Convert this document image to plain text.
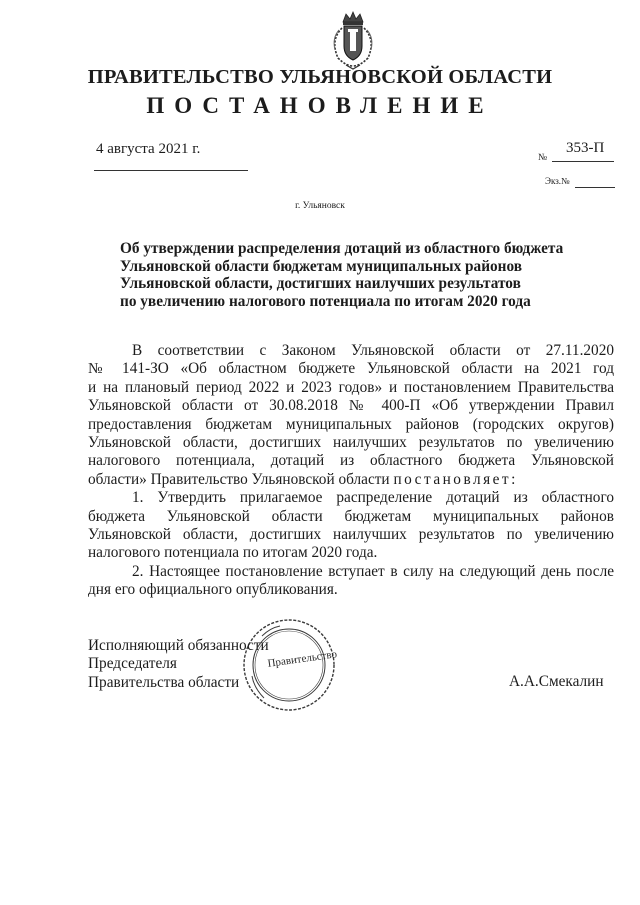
ПРАВИТЕЛЬСТВО УЛЬЯНОВСКОЙ ОБЛАСТИ
ПОСТАНОВЛЕНИЕ
4 августа 2021 г.
№
353-П
Экз.№
г. Ульяновск
Об утверждении распределения дотаций из областного бюджета
Ульяновской области бюджетам муниципальных районов
Ульяновской области, достигших наилучших результатов
по увеличению налогового потенциала по итогам 2020 года
В соответствии с Законом Ульяновской области от 27.11.2020
№ 141-ЗО «Об областном бюджете Ульяновской области на 2021 год
и на плановый период 2022 и 2023 годов» и постановлением Правительства
Ульяновской области от 30.08.2018 № 400-П «Об утверждении Правил
предоставления бюджетам муниципальных районов (городских округов)
Ульяновской области, достигших наилучших результатов по увеличению
налогового потенциала, дотаций из областного бюджета Ульяновской
области» Правительство Ульяновской области постановляет:
1. Утвердить прилагаемое распределение дотаций из областного
бюджета Ульяновской области бюджетам муниципальных районов
Ульяновской области, достигших наилучших результатов по увеличению
налогового потенциала по итогам 2020 года.
2. Настоящее постановление вступает в силу на следующий день после
дня его официального опубликования.
Исполняющий обязанности
Председателя
Правительства области
Правительство
А.А.Смекалин
